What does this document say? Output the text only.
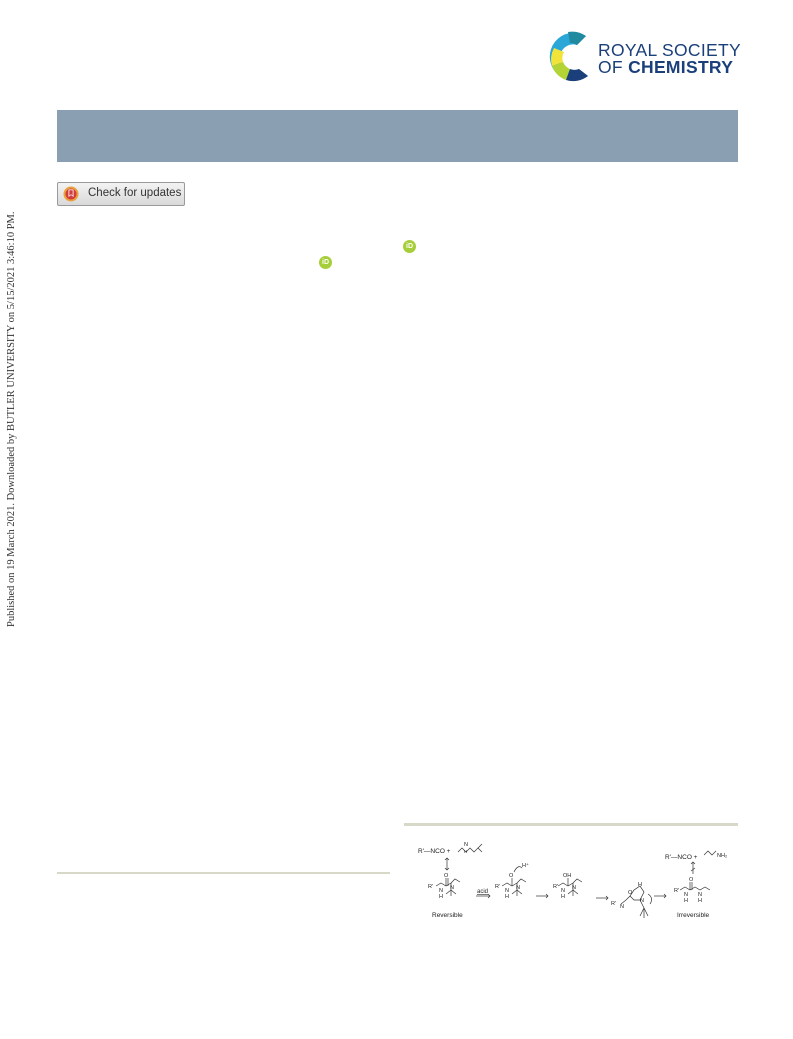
ROYAL SOCIETY
OF CHEMISTRY
Check for updates
iD
iD
Published on 19 March 2021. Downloaded by BUTLER UNIVERSITY on 5/15/2021 3:46:10 PM.
R'—NCO +
N
H
R'
O
N
H
N
Reversible
acid
R'
O
H⁺
N
H
N	R'
OH
N
H
N
R' N
O
H
N
R'—NCO +	NH₂
R'
O
N
H
N
H
Irreversible
